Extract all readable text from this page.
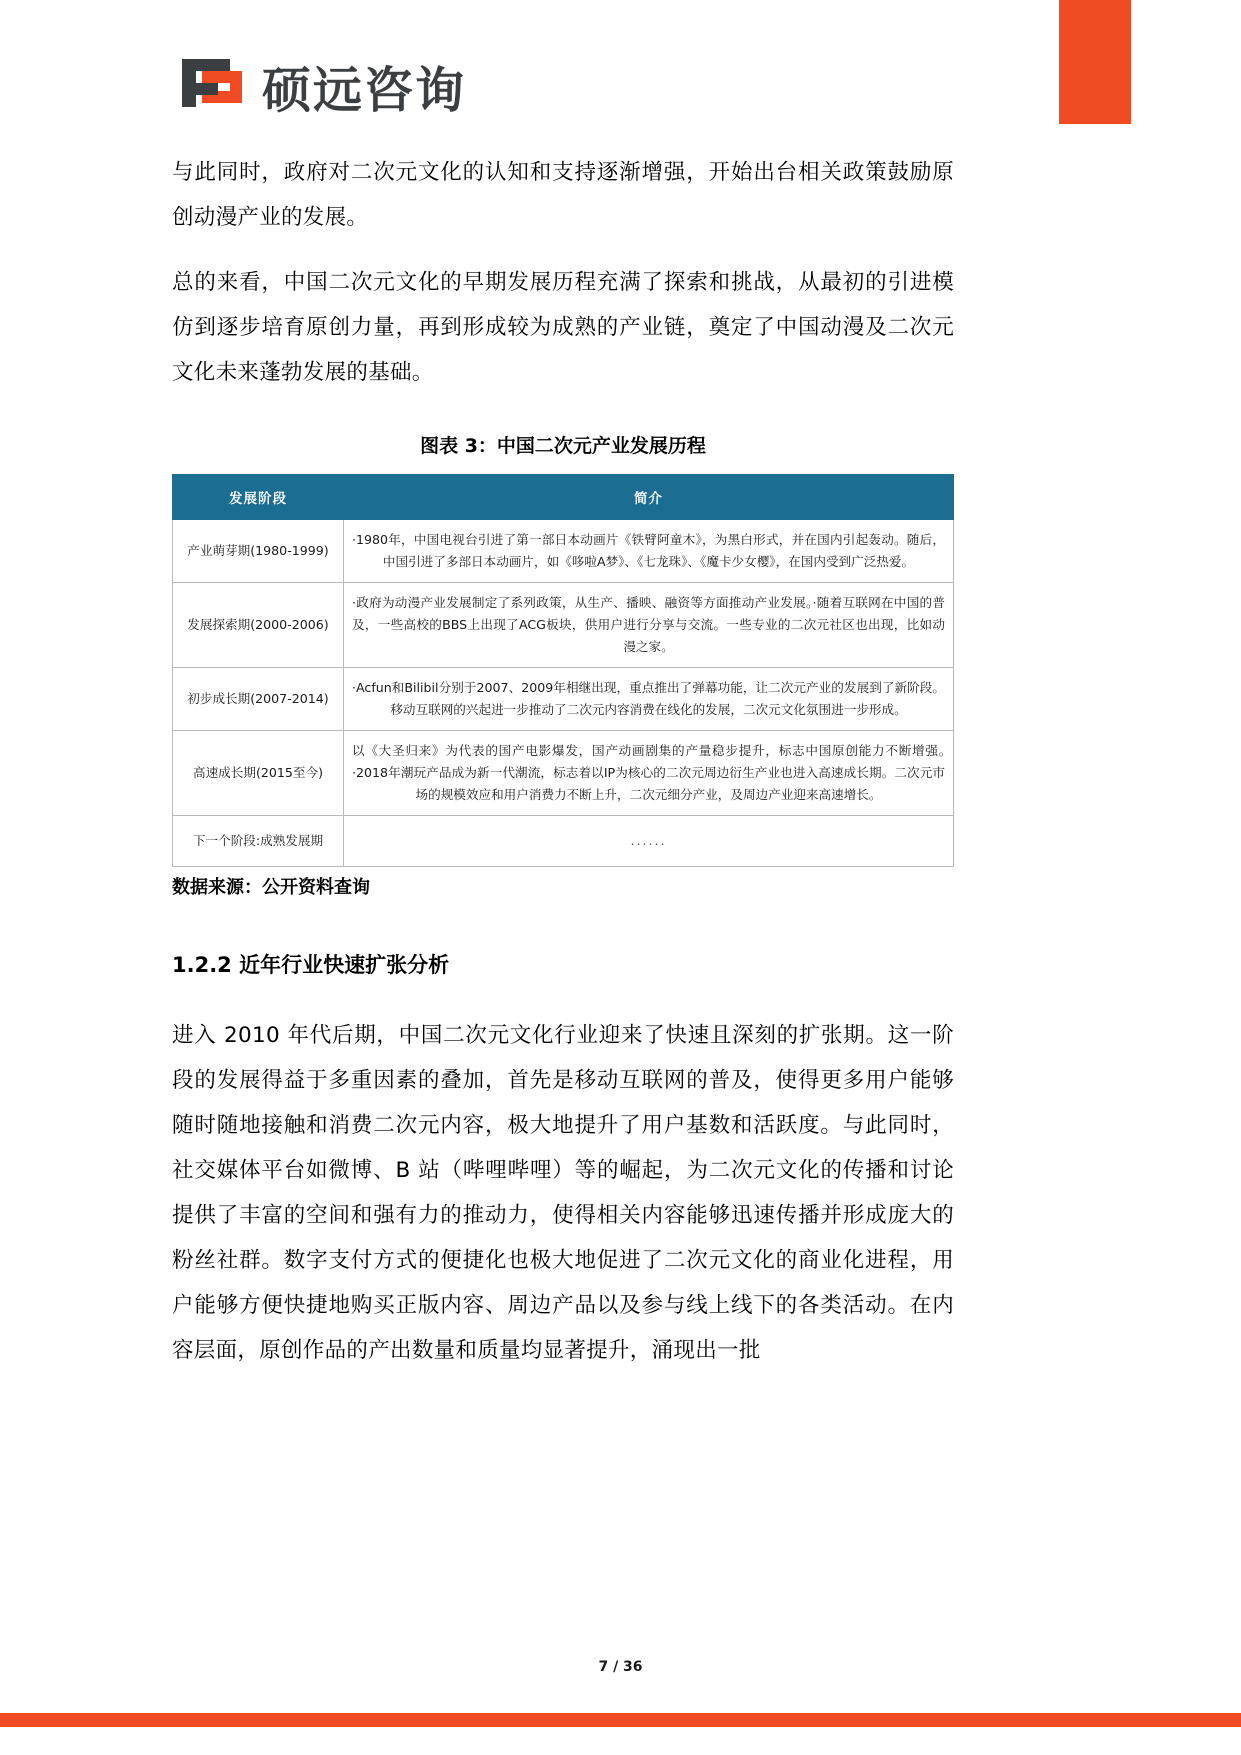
硕远咨询

与此同时，政府对二次元文化的认知和支持逐渐增强，开始出台相关政策鼓励原创动漫产业的发展。

总的来看，中国二次元文化的早期发展历程充满了探索和挑战，从最初的引进模仿到逐步培育原创力量，再到形成较为成熟的产业链，奠定了中国动漫及二次元文化未来蓬勃发展的基础。

图表 3：中国二次元产业发展历程
发展阶段	简介
产业萌芽期(1980-1999)	·1980年，中国电视台引进了第一部日本动画片《铁臂阿童木》，为黑白形式，并在国内引起轰动。随后，中国引进了多部日本动画片，如《哆啦A梦》、《七龙珠》、《魔卡少女樱》，在国内受到广泛热爱。
发展探索期(2000-2006)	·政府为动漫产业发展制定了系列政策，从生产、播映、融资等方面推动产业发展。·随着互联网在中国的普及，一些高校的BBS上出现了ACG板块，供用户进行分享与交流。一些专业的二次元社区也出现，比如动漫之家。
初步成长期(2007-2014)	·Acfun和Bilibil分别于2007、2009年相继出现，重点推出了弹幕功能，让二次元产业的发展到了新阶段。移动互联网的兴起进一步推动了二次元内容消费在线化的发展，二次元文化氛围进一步形成。
高速成长期(2015至今)	以《大圣归来》为代表的国产电影爆发，国产动画剧集的产量稳步提升，标志中国原创能力不断增强。·2018年潮玩产品成为新一代潮流，标志着以IP为核心的二次元周边衍生产业也进入高速成长期。二次元市场的规模效应和用户消费力不断上升，二次元细分产业，及周边产业迎来高速增长。
下一个阶段:成熟发展期	......

数据来源：公开资料查询

1.2.2 近年行业快速扩张分析

进入 2010 年代后期，中国二次元文化行业迎来了快速且深刻的扩张期。这一阶段的发展得益于多重因素的叠加，首先是移动互联网的普及，使得更多用户能够随时随地接触和消费二次元内容，极大地提升了用户基数和活跃度。与此同时，社交媒体平台如微博、B 站（哔哩哔哩）等的崛起，为二次元文化的传播和讨论提供了丰富的空间和强有力的推动力，使得相关内容能够迅速传播并形成庞大的粉丝社群。数字支付方式的便捷化也极大地促进了二次元文化的商业化进程，用户能够方便快捷地购买正版内容、周边产品以及参与线上线下的各类活动。在内容层面，原创作品的产出数量和质量均显著提升，涌现出一批

7 / 36
